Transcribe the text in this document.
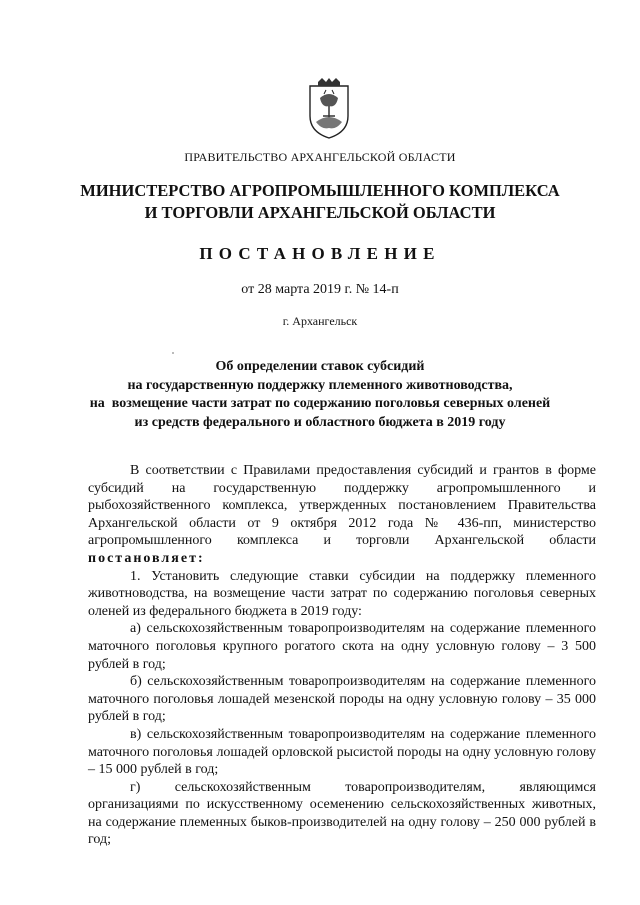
ПРАВИТЕЛЬСТВО АРХАНГЕЛЬСКОЙ ОБЛАСТИ
МИНИСТЕРСТВО АГРОПРОМЫШЛЕННОГО КОМПЛЕКСА
И ТОРГОВЛИ АРХАНГЕЛЬСКОЙ ОБЛАСТИ
ПОСТАНОВЛЕНИЕ
от 28 марта 2019 г. № 14-п
г. Архангельск
Об определении ставок субсидий
на государственную поддержку племенного животноводства,
на  возмещение части затрат по содержанию поголовья северных оленей
из средств федерального и областного бюджета в 2019 году

В соответствии с Правилами предоставления субсидий и грантов в форме субсидий на государственную поддержку агропромышленного и рыбохозяйственного комплекса, утвержденных постановлением Правительства Архангельской области от 9 октября 2012 года № 436-пп, министерство агропромышленного комплекса и торговли Архангельской области постановляет:

1. Установить следующие ставки субсидии на поддержку племенного животноводства, на возмещение части затрат по содержанию поголовья северных оленей из федерального бюджета в 2019 году:

а) сельскохозяйственным товаропроизводителям на содержание племенного маточного поголовья крупного рогатого скота на одну условную голову – 3 500 рублей в год;

б) сельскохозяйственным товаропроизводителям на содержание племенного маточного поголовья лошадей мезенской породы на одну условную голову – 35 000 рублей в год;

в) сельскохозяйственным товаропроизводителям на содержание племенного маточного поголовья лошадей орловской рысистой породы на одну условную голову – 15 000 рублей в год;

г) сельскохозяйственным товаропроизводителям, являющимся организациями по искусственному осеменению сельскохозяйственных животных, на содержание племенных быков-производителей на одну голову – 250 000 рублей в год;
